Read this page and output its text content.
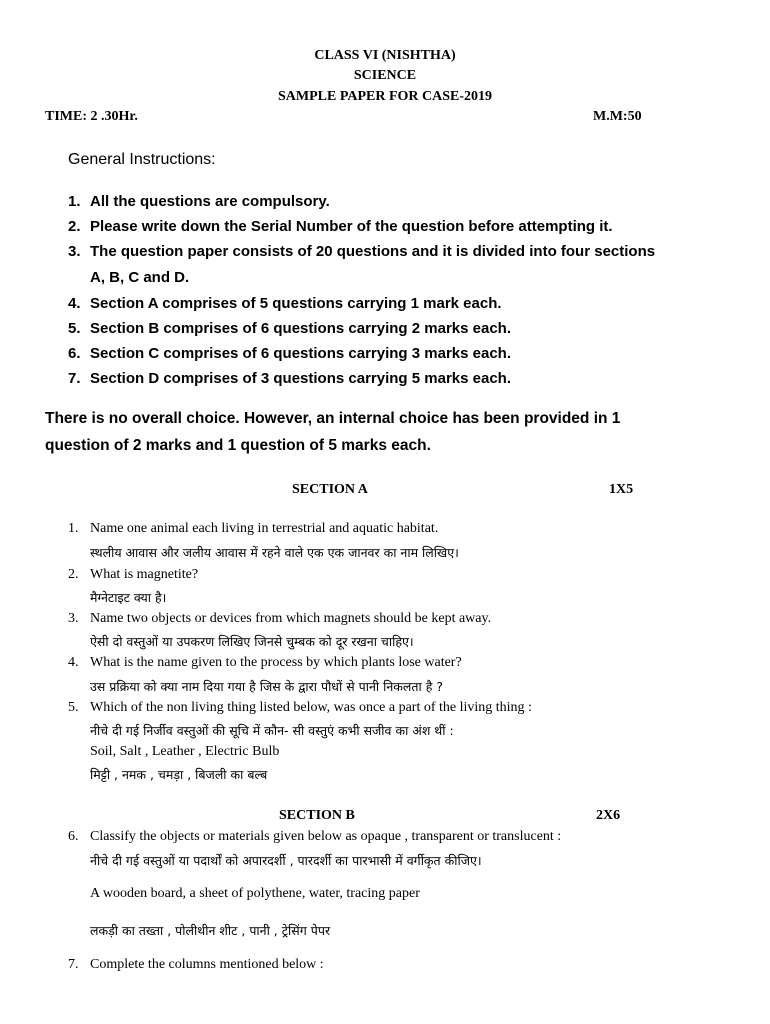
CLASS VI (NISHTHA)
SCIENCE
SAMPLE PAPER FOR CASE-2019
TIME: 2 .30Hr.	M.M:50
General Instructions:
1. All the questions are compulsory.
2. Please write down the Serial Number of the question before attempting it.
3. The question paper consists of 20 questions and it is divided into four sections
A, B, C and D.
4. Section A comprises of 5 questions carrying 1 mark each.
5. Section B comprises of 6 questions carrying 2 marks each.
6. Section C comprises of 6 questions carrying 3 marks each.
7. Section D comprises of 3 questions carrying 5 marks each.
There is no overall choice. However, an internal choice has been provided in 1
question of 2 marks and 1 question of 5 marks each.
SECTION A	1X5
1. Name one animal each living in terrestrial and aquatic habitat.
स्थलीय आवास और जलीय आवास में रहने वाले एक एक जानवर का नाम लिखिए।
2. What is magnetite?
मैग्नेटाइट क्या है।
3. Name two objects or devices from which magnets should be kept away.
ऐसी दो वस्तुओं या उपकरण लिखिए जिनसे चुम्बक को दूर रखना चाहिए।
4. What is the name given to the process by which plants lose water?
उस प्रक्रिया को क्या नाम दिया गया है जिस के द्वारा पौधों से पानी निकलता है ?
5. Which of the non living thing listed below, was once a part of the living thing :
नीचे दी गई निर्जीव वस्तुओं की सूचि में कौन- सी वस्तुएं कभी सजीव का अंश थीं :
Soil, Salt , Leather , Electric Bulb
मिट्टी , नमक , चमड़ा , बिजली का बल्ब
SECTION B	2X6
6. Classify the objects or materials given below as opaque , transparent or translucent :
नीचे दी गई वस्तुओं या पदार्थों को अपारदर्शी , पारदर्शी का पारभासी में वर्गीकृत कीजिए।
A wooden board, a sheet of polythene, water, tracing paper
लकड़ी का तख्ता , पोलीथीन शीट , पानी , ट्रेसिंग पेपर
7. Complete the columns mentioned below :
